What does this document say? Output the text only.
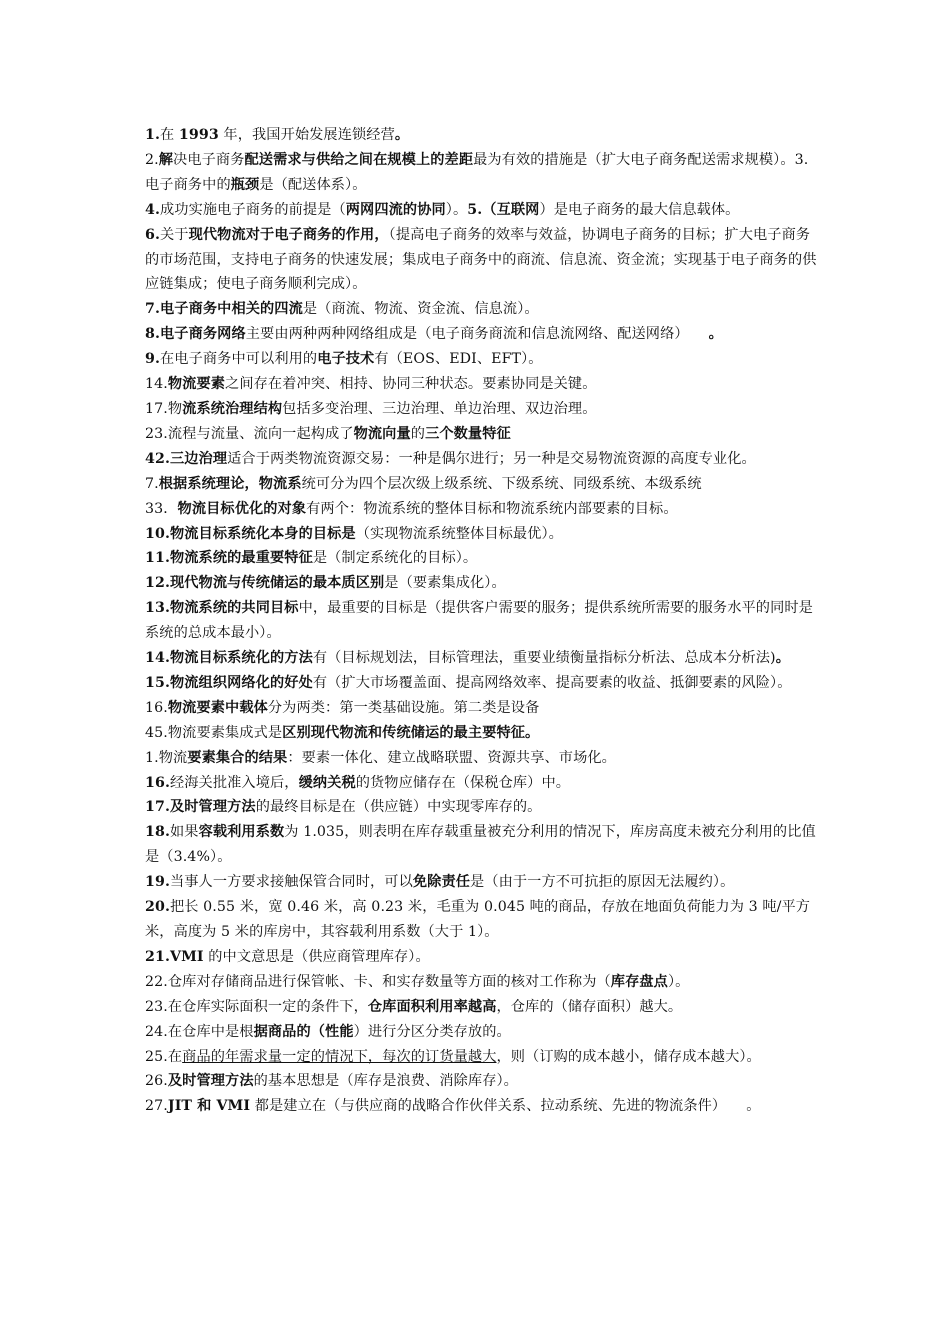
1.在 1993 年，我国开始发展连锁经营。

2.解决电子商务配送需求与供给之间在规模上的差距最为有效的措施是（扩大电子商务配送需求规模）。3.电子商务中的瓶颈是（配送体系）。

4.成功实施电子商务的前提是（两网四流的协同）。5.（互联网）是电子商务的最大信息载体。

6.关于现代物流对于电子商务的作用，（提高电子商务的效率与效益，协调电子商务的目标；扩大电子商务的市场范围，支持电子商务的快速发展；集成电子商务中的商流、信息流、资金流；实现基于电子商务的供应链集成；使电子商务顺利完成）。

7.电子商务中相关的四流是（商流、物流、资金流、信息流）。

8.电子商务网络主要由两种两种网络组成是（电子商务商流和信息流网络、配送网络） 。

9.在电子商务中可以利用的电子技术有（EOS、EDI、EFT）。

14.物流要素之间存在着冲突、相持、协同三种状态。要素协同是关键。

17.物流系统治理结构包括多变治理、三边治理、单边治理、双边治理。

23.流程与流量、流向一起构成了物流向量的三个数量特征

42.三边治理适合于两类物流资源交易：一种是偶尔进行；另一种是交易物流资源的高度专业化。

7.根据系统理论，物流系统可分为四个层次级上级系统、下级系统、同级系统、本级系统

33．物流目标优化的对象有两个：物流系统的整体目标和物流系统内部要素的目标。

10.物流目标系统化本身的目标是（实现物流系统整体目标最优）。

11.物流系统的最重要特征是（制定系统化的目标）。

12.现代物流与传统储运的最本质区别是（要素集成化）。

13.物流系统的共同目标中，最重要的目标是（提供客户需要的服务；提供系统所需要的服务水平的同时是系统的总成本最小）。

14.物流目标系统化的方法有（目标规划法，目标管理法，重要业绩衡量指标分析法、总成本分析法)。

15.物流组织网络化的好处有（扩大市场覆盖面、提高网络效率、提高要素的收益、抵御要素的风险）。

16.物流要素中载体分为两类：第一类基础设施。第二类是设备

45.物流要素集成式是区别现代物流和传统储运的最主要特征。

1.物流要素集合的结果：要素一体化、建立战略联盟、资源共享、市场化。

16.经海关批准入境后，缓纳关税的货物应储存在（保税仓库）中。

17.及时管理方法的最终目标是在（供应链）中实现零库存的。

18.如果容载利用系数为 1.035，则表明在库存载重量被充分利用的情况下，库房高度未被充分利用的比值是（3.4%）。

19.当事人一方要求接触保管合同时，可以免除责任是（由于一方不可抗拒的原因无法履约）。

20.把长 0.55 米，宽 0.46 米，高 0.23 米，毛重为 0.045 吨的商品，存放在地面负荷能力为 3 吨/平方米，高度为 5 米的库房中，其容载利用系数（大于 1）。

21.VMI 的中文意思是（供应商管理库存）。

22.仓库对存储商品进行保管帐、卡、和实存数量等方面的核对工作称为（库存盘点）。

23.在仓库实际面积一定的条件下，仓库面积利用率越高，仓库的（储存面积）越大。

24.在仓库中是根据商品的（性能）进行分区分类存放的。

25.在商品的年需求量一定的情况下，每次的订货量越大，则（订购的成本越小，储存成本越大）。

26.及时管理方法的基本思想是（库存是浪费、消除库存）。

27.JIT 和 VMI 都是建立在（与供应商的战略合作伙伴关系、拉动系统、先进的物流条件） 。
